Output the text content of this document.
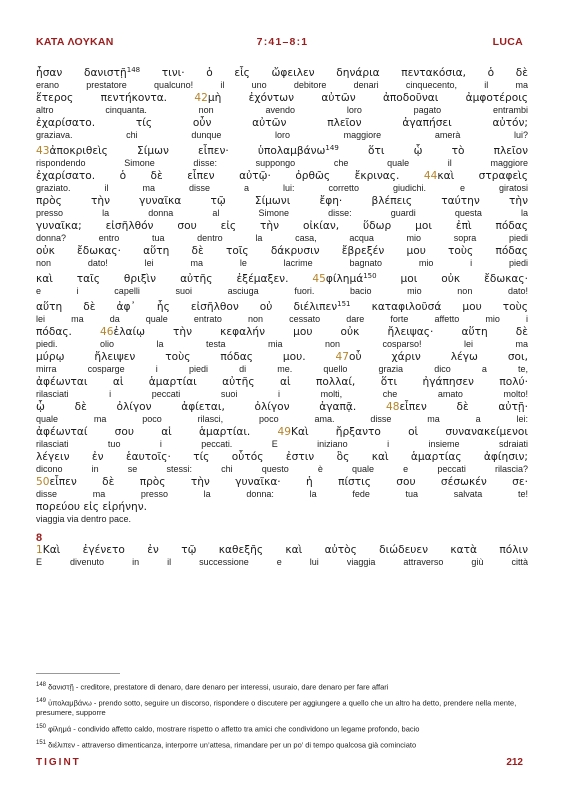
ΚΑΤΑ ΛΟΥΚΑΝ	7:41–8:1	LUCA
ἦσαν δανιστῇ$^{148}$ τινι· ὁ εἷς ὤφειλεν δηνάρια πεντακόσια, ὁ δὲ
erano prestatore qualcuno! il uno debitore denari cinquecento, il ma
ἕτερος πεντήκοντα. 42μὴ ἐχόντων αὐτῶν ἀποδοῦναι ἀμφοτέροις
altro cinquanta. non avendo loro pagato entrambi
ἐχαρίσατο. τίς οὖν αὐτῶν πλεῖον ἀγαπήσει αὐτόν;
graziava. chi dunque loro maggiore amerà lui?
43ἀποκριθεὶς Σίμων εἶπεν· ὑπολαμβάνω$^{149}$ ὅτι ᾧ τὸ πλεῖον
rispondendo Simone disse: suppongo che quale il maggiore
ἐχαρίσατο. ὁ δὲ εἶπεν αὐτῷ· ὀρθῶς ἔκρινας. 44καὶ στραφεὶς
graziato. il ma disse a lui: corretto giudichi. e giratosi
πρὸς τὴν γυναῖκα τῷ Σίμωνι ἔφη· βλέπεις ταύτην τὴν
presso la donna al Simone disse: guardi questa la
γυναῖκα; εἰσῆλθόν σου εἰς τὴν οἰκίαν, ὕδωρ μοι ἐπὶ πόδας
donna? entro tua dentro la casa, acqua mio sopra piedi
οὐκ ἔδωκας· αὕτη δὲ τοῖς δάκρυσιν ἔβρεξέν μου τοὺς πόδας
non dato! lei ma le lacrime bagnato mio i piedi
καὶ ταῖς θριξὶν αὐτῆς ἐξέμαξεν. 45φίλημά$^{150}$ μοι οὐκ ἔδωκας·
e i capelli suoi asciuga fuori. bacio mio non dato!
αὕτη δὲ ἀφ᾽ ἧς εἰσῆλθον οὐ διέλιπεν$^{151}$ καταφιλοῦσά μου τοὺς
lei ma da quale entrato non cessato dare forte affetto mio i
πόδας. 46ἐλαίῳ τὴν κεφαλήν μου οὐκ ἤλειψας· αὕτη δὲ
piedi. olio la testa mia non cosparso! lei ma
μύρῳ ἤλειψεν τοὺς πόδας μου. 47οὗ χάριν λέγω σοι,
mirra cosparge i piedi di me. quello grazia dico a te,
ἀφέωνται αἱ ἁμαρτίαι αὐτῆς αἱ πολλαί, ὅτι ἠγάπησεν πολύ·
rilasciati i peccati suoi i molti, che amato molto!
ᾧ δὲ ὀλίγον ἀφίεται, ὀλίγον ἀγαπᾷ. 48εἶπεν δὲ αὐτῇ·
quale ma poco rilasci, poco ama. disse ma a lei:
ἀφέωνταί σου αἱ ἁμαρτίαι. 49Καὶ ἤρξαντο οἱ συνανακείμενοι
rilasciati tuo i peccati. E iniziano i insieme sdraiati
λέγειν ἐν ἑαυτοῖς· τίς οὗτός ἐστιν ὃς καὶ ἁμαρτίας ἀφίησιν;
dicono in se stessi: chi questo è quale e peccati rilascia?
50εἶπεν δὲ πρὸς τὴν γυναῖκα· ἡ πίστις σου σέσωκέν σε·
disse ma presso la donna: la fede tua salvata te!
πορεύου εἰς εἰρήνην.
viaggia via dentro pace.
8
1Καὶ ἐγένετο ἐν τῷ καθεξῆς καὶ αὐτὸς διώδευεν κατὰ πόλιν
E divenuto in il successione e lui viaggia attraverso giù città
$^{148}$ δανιστῇ - creditore, prestatore di denaro, dare denaro per interessi, usuraio, dare denaro per fare affari
$^{149}$ ὑπολαμβάνω - prendo sotto, seguire un discorso, rispondere o discutere per aggiungere a quello che un altro ha detto, prendere nella mente, presumere, supporre
$^{150}$ φίλημά - condivido affetto caldo, mostrare rispetto o affetto tra amici che condividono un legame profondo, bacio
$^{151}$ διέλιπεν - attraverso dimenticanza, interporre un’attesa, rimandare per un po’ di tempo qualcosa già cominciato
TIGINT	212
